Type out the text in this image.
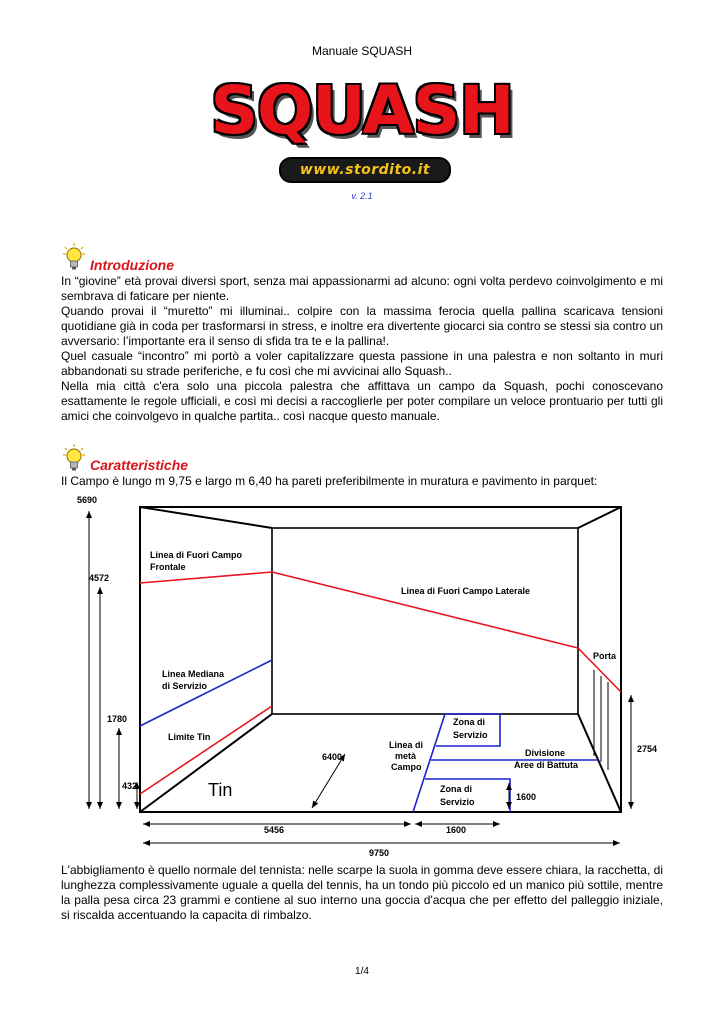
Manuale SQUASH
SQUASH
www.stordito.it
v. 2.1
Introduzione

In “giovine” età provai diversi sport, senza mai appassionarmi ad alcuno: ogni volta perdevo coinvolgimento e mi sembrava di faticare per niente.

Quando provai il “muretto” mi illuminai.. colpire con la massima ferocia quella pallina scaricava tensioni quotidiane già in coda per trasformarsi in stress, e inoltre era divertente giocarci sia contro se stessi sia contro un avversario: l’importante era il senso di sfida tra te e la pallina!.

Quel casuale “incontro” mi portò a voler capitalizzare questa passione in una palestra e non soltanto in muri abbandonati su strade periferiche, e fu così che mi avvicinai allo Squash..

Nella mia città c'era solo una piccola palestra che affittava un campo da Squash, pochi conoscevano esattamente le regole ufficiali, e così mi decisi a raccoglierle per poter compilare un veloce prontuario per tutti gli amici che coinvolgevo in qualche partita.. così nacque questo manuale.

Caratteristiche
Il Campo è lungo m 9,75 e largo m 6,40 ha pareti preferibilmente in muratura e pavimento in parquet:
5690
4572
1780
432
2754
5456	1600
9750
6400
1600
Linea di Fuori Campo
Frontale
Linea di Fuori Campo Laterale
Porta
Linea Mediana
di Servizio
Limite Tin
Linea di
metà
Campo
Zona di
Servizio
Divisione
Aree di Battuta
Zona di
Servizio
Tin
L'abbigliamento è quello normale del tennista: nelle scarpe la suola in gomma deve essere chiara, la racchetta, di lunghezza complessivamente uguale a quella del tennis, ha un tondo più piccolo ed un manico più sottile, mentre la palla pesa circa 23 grammi e contiene al suo interno una goccia d'acqua che per effetto del palleggio iniziale, si riscalda accentuando la capacita di rimbalzo.
1/4
